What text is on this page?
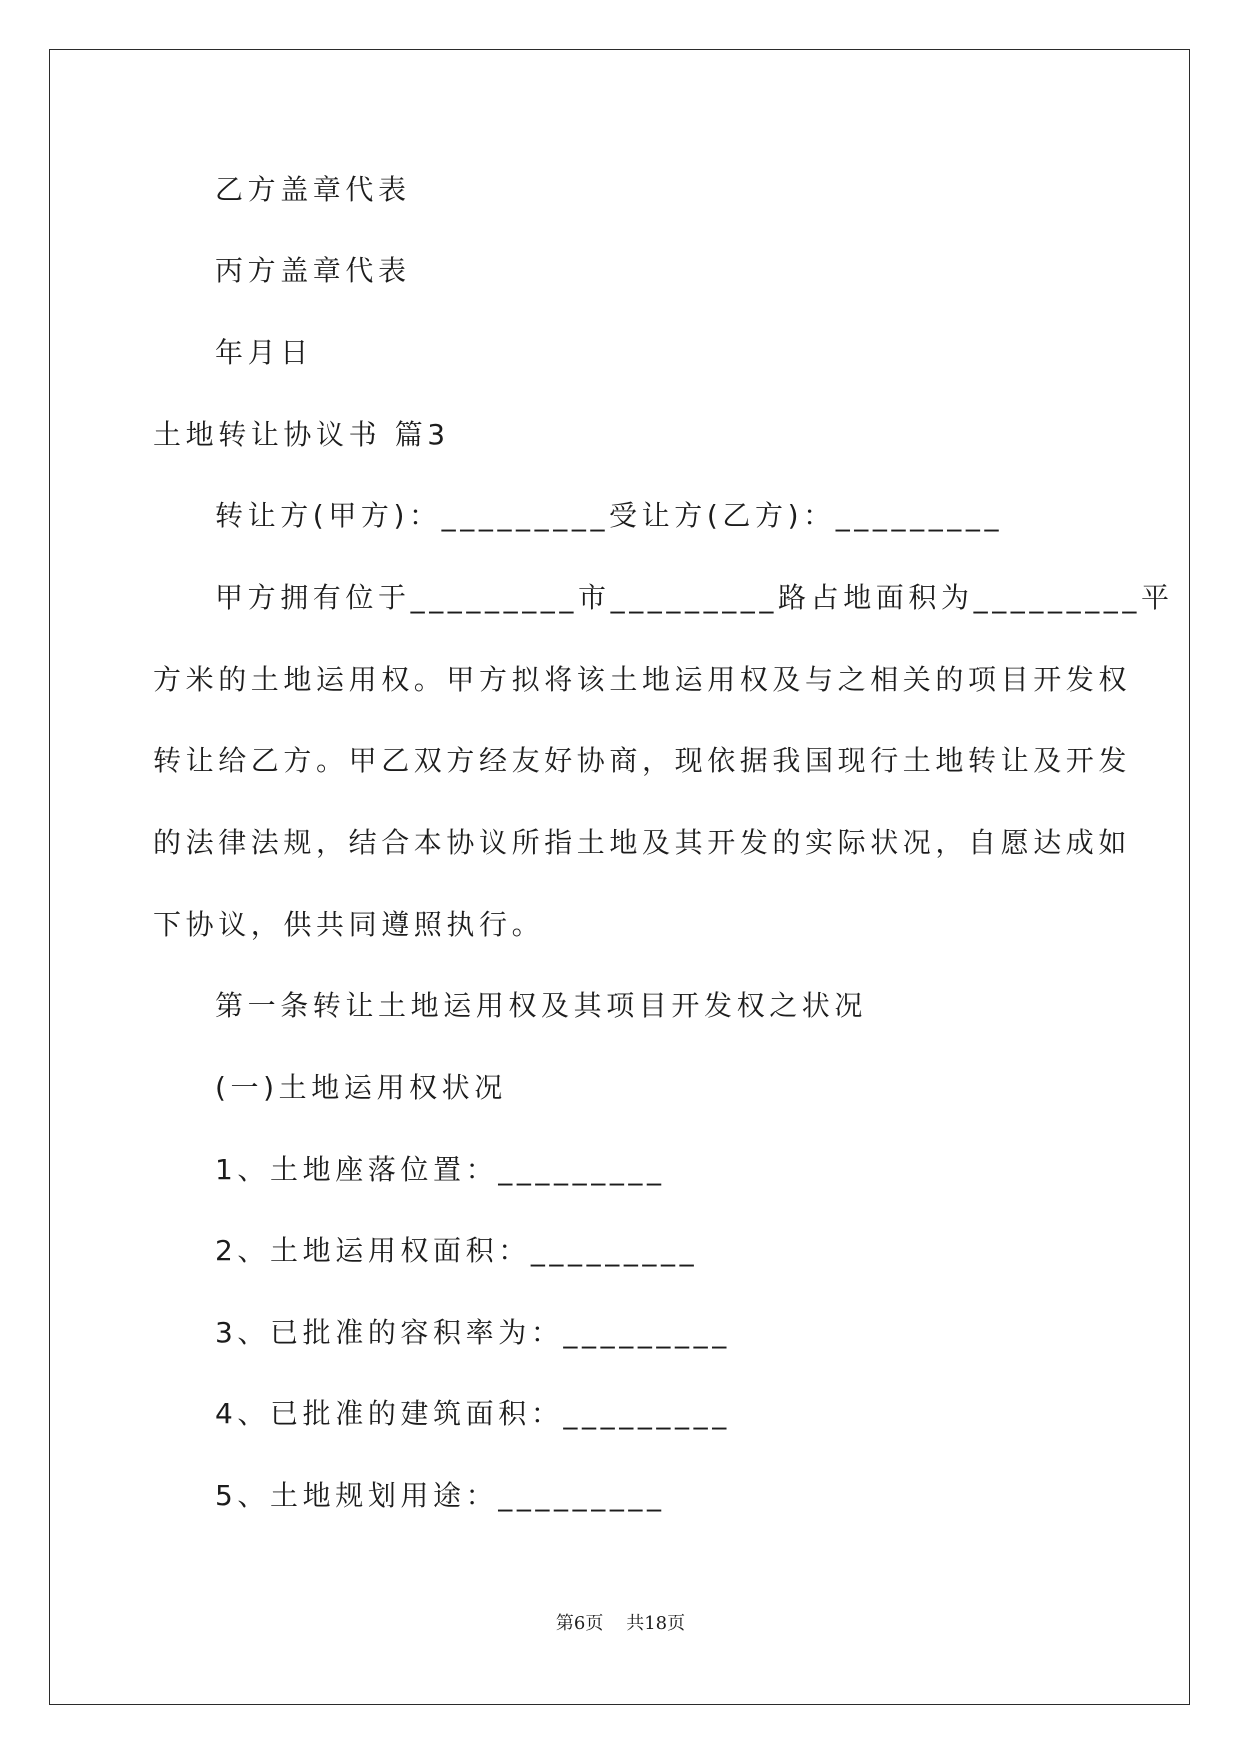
乙方盖章代表

丙方盖章代表

年月日

土地转让协议书 篇3

转让方(甲方)：_________受让方(乙方)：_________

甲方拥有位于_________市_________路占地面积为_________平

方米的土地运用权。甲方拟将该土地运用权及与之相关的项目开发权

转让给乙方。甲乙双方经友好协商，现依据我国现行土地转让及开发

的法律法规，结合本协议所指土地及其开发的实际状况，自愿达成如

下协议，供共同遵照执行。

第一条转让土地运用权及其项目开发权之状况

(一)土地运用权状况

1、土地座落位置：_________

2、土地运用权面积：_________

3、已批准的容积率为：_________

4、已批准的建筑面积：_________

5、土地规划用途：_________

第6页 共18页
